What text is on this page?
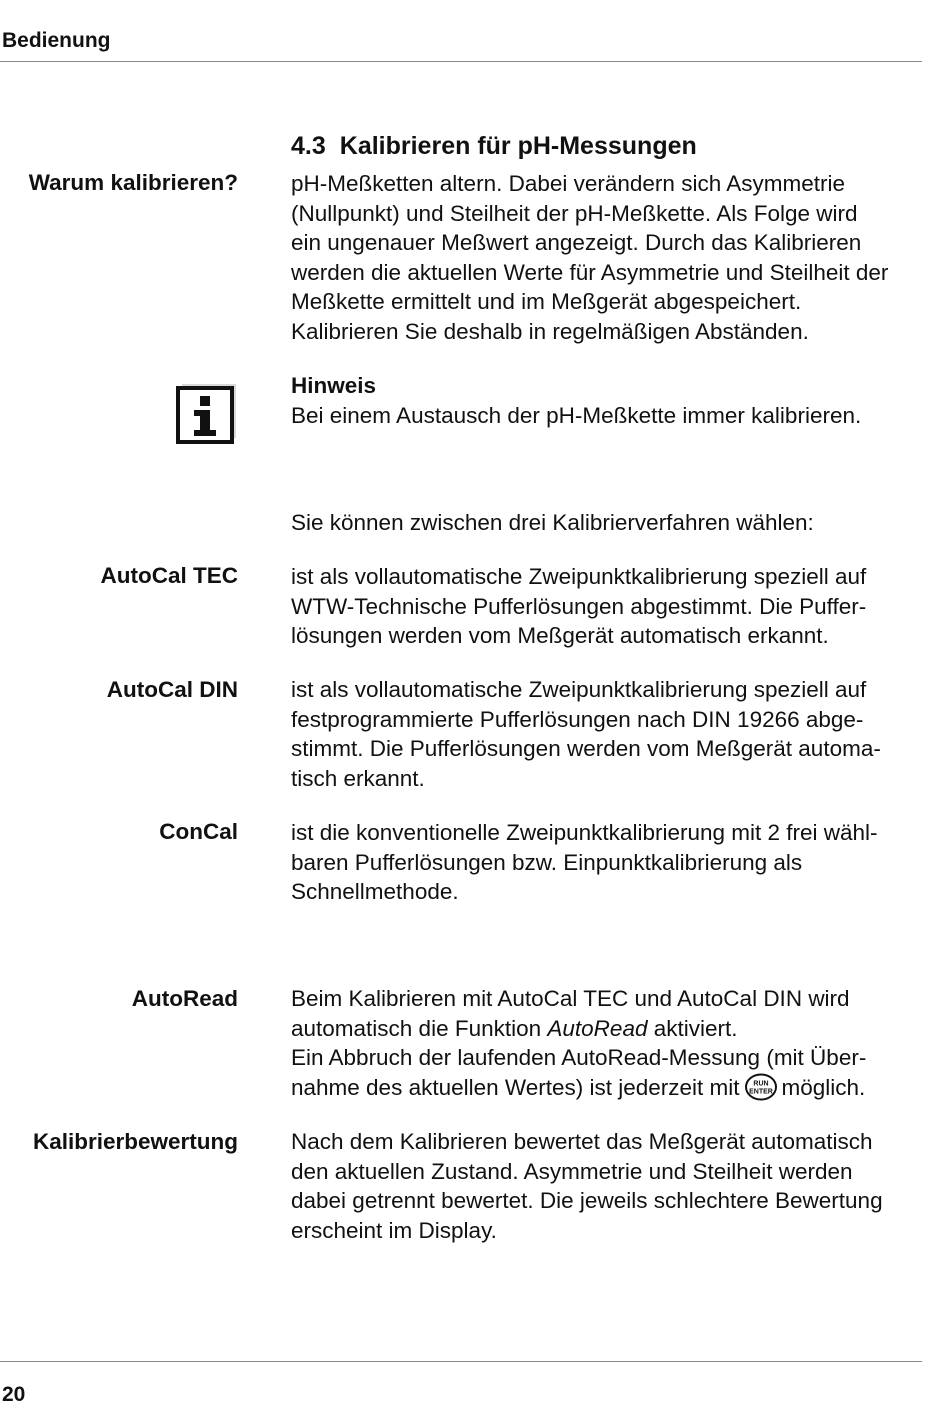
Bedienung
4.3 Kalibrieren für pH-Messungen
Warum kalibrieren? pH-Meßketten altern. Dabei verändern sich Asymmetrie
(Nullpunkt) und Steilheit der pH-Meßkette. Als Folge wird
ein ungenauer Meßwert angezeigt. Durch das Kalibrieren
werden die aktuellen Werte für Asymmetrie und Steilheit der
Meßkette ermittelt und im Meßgerät abgespeichert.
Kalibrieren Sie deshalb in regelmäßigen Abständen.
Hinweis
Bei einem Austausch der pH-Meßkette immer kalibrieren.
Sie können zwischen drei Kalibrierverfahren wählen:
AutoCal TEC ist als vollautomatische Zweipunktkalibrierung speziell auf
WTW-Technische Pufferlösungen abgestimmt. Die Puffer-
lösungen werden vom Meßgerät automatisch erkannt.
AutoCal DIN ist als vollautomatische Zweipunktkalibrierung speziell auf
festprogrammierte Pufferlösungen nach DIN 19266 abge-
stimmt. Die Pufferlösungen werden vom Meßgerät automa-
tisch erkannt.
ConCal ist die konventionelle Zweipunktkalibrierung mit 2 frei wähl-
baren Pufferlösungen bzw. Einpunktkalibrierung als
Schnellmethode.
AutoRead Beim Kalibrieren mit AutoCal TEC und AutoCal DIN wird
automatisch die Funktion AutoRead aktiviert.
Ein Abbruch der laufenden AutoRead-Messung (mit Über-
nahme des aktuellen Wertes) ist jederzeit mit RUN
ENTER möglich.
Kalibrierbewertung Nach dem Kalibrieren bewertet das Meßgerät automatisch
den aktuellen Zustand. Asymmetrie und Steilheit werden
dabei getrennt bewertet. Die jeweils schlechtere Bewertung
erscheint im Display.
20
